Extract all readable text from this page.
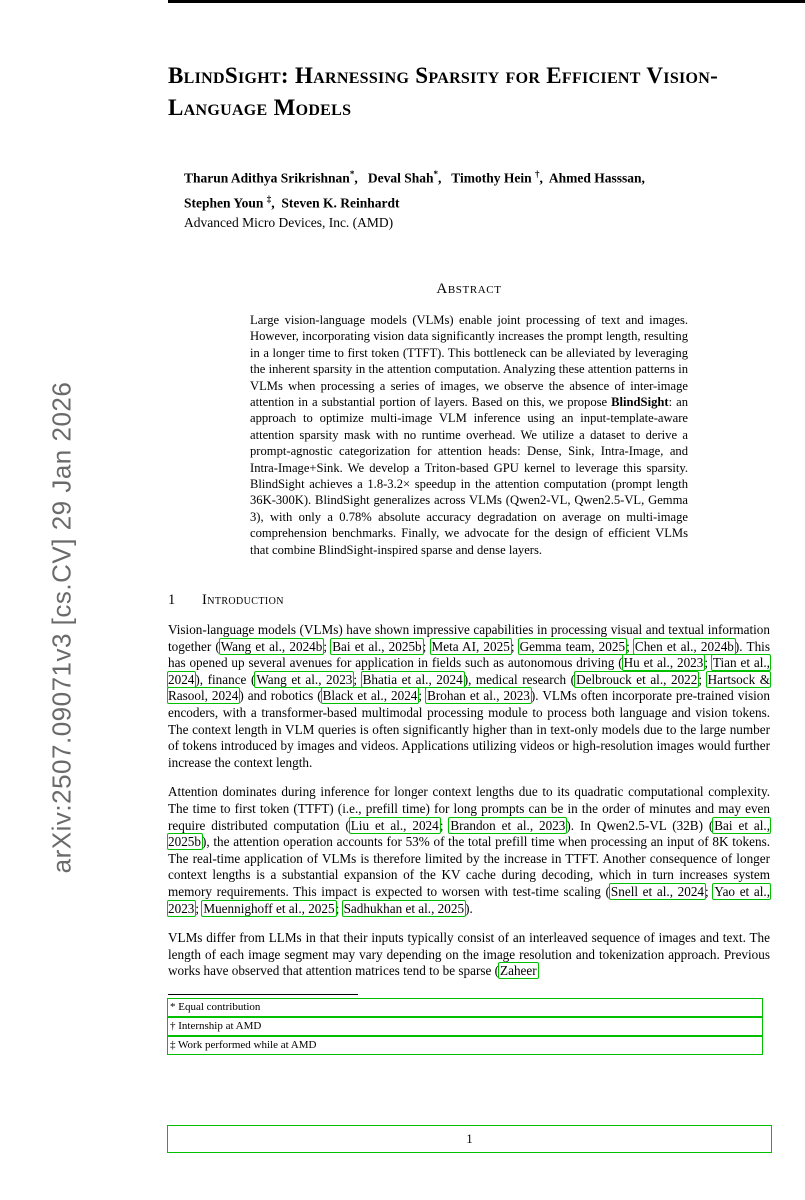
arXiv:2507.09071v3 [cs.CV] 29 Jan 2026
BlindSight: Harnessing Sparsity for Efficient Vision-Language Models
Tharun Adithya Srikrishnan*,   Deval Shah*,   Timothy Hein †,  Ahmed Hasssan,
Stephen Youn ‡,  Steven K. Reinhardt
Advanced Micro Devices, Inc. (AMD)
Abstract
Large vision-language models (VLMs) enable joint processing of text and images. However, incorporating vision data significantly increases the prompt length, resulting in a longer time to first token (TTFT). This bottleneck can be alleviated by leveraging the inherent sparsity in the attention computation. Analyzing these attention patterns in VLMs when processing a series of images, we observe the absence of inter-image attention in a substantial portion of layers. Based on this, we propose BlindSight: an approach to optimize multi-image VLM inference using an input-template-aware attention sparsity mask with no runtime overhead. We utilize a dataset to derive a prompt-agnostic categorization for attention heads: Dense, Sink, Intra-Image, and Intra-Image+Sink. We develop a Triton-based GPU kernel to leverage this sparsity. BlindSight achieves a 1.8-3.2× speedup in the attention computation (prompt length 36K-300K). BlindSight generalizes across VLMs (Qwen2-VL, Qwen2.5-VL, Gemma 3), with only a 0.78% absolute accuracy degradation on average on multi-image comprehension benchmarks. Finally, we advocate for the design of efficient VLMs that combine BlindSight-inspired sparse and dense layers.
1 Introduction

Vision-language models (VLMs) have shown impressive capabilities in processing visual and textual information together (Wang et al., 2024b; Bai et al., 2025b; Meta AI, 2025; Gemma team, 2025; Chen et al., 2024b). This has opened up several avenues for application in fields such as autonomous driving (Hu et al., 2023; Tian et al., 2024), finance (Wang et al., 2023; Bhatia et al., 2024), medical research (Delbrouck et al., 2022; Hartsock & Rasool, 2024) and robotics (Black et al., 2024; Brohan et al., 2023). VLMs often incorporate pre-trained vision encoders, with a transformer-based multimodal processing module to process both language and vision tokens. The context length in VLM queries is often significantly higher than in text-only models due to the large number of tokens introduced by images and videos. Applications utilizing videos or high-resolution images would further increase the context length.

Attention dominates during inference for longer context lengths due to its quadratic computational complexity. The time to first token (TTFT) (i.e., prefill time) for long prompts can be in the order of minutes and may even require distributed computation (Liu et al., 2024; Brandon et al., 2023). In Qwen2.5-VL (32B) (Bai et al., 2025b), the attention operation accounts for 53% of the total prefill time when processing an input of 8K tokens. The real-time application of VLMs is therefore limited by the increase in TTFT. Another consequence of longer context lengths is a substantial expansion of the KV cache during decoding, which in turn increases system memory requirements. This impact is expected to worsen with test-time scaling (Snell et al., 2024; Yao et al., 2023; Muennighoff et al., 2025; Sadhukhan et al., 2025).

VLMs differ from LLMs in that their inputs typically consist of an interleaved sequence of images and text. The length of each image segment may vary depending on the image resolution and tokenization approach. Previous works have observed that attention matrices tend to be sparse (Zaheer

* Equal contribution
† Internship at AMD
‡ Work performed while at AMD
1
